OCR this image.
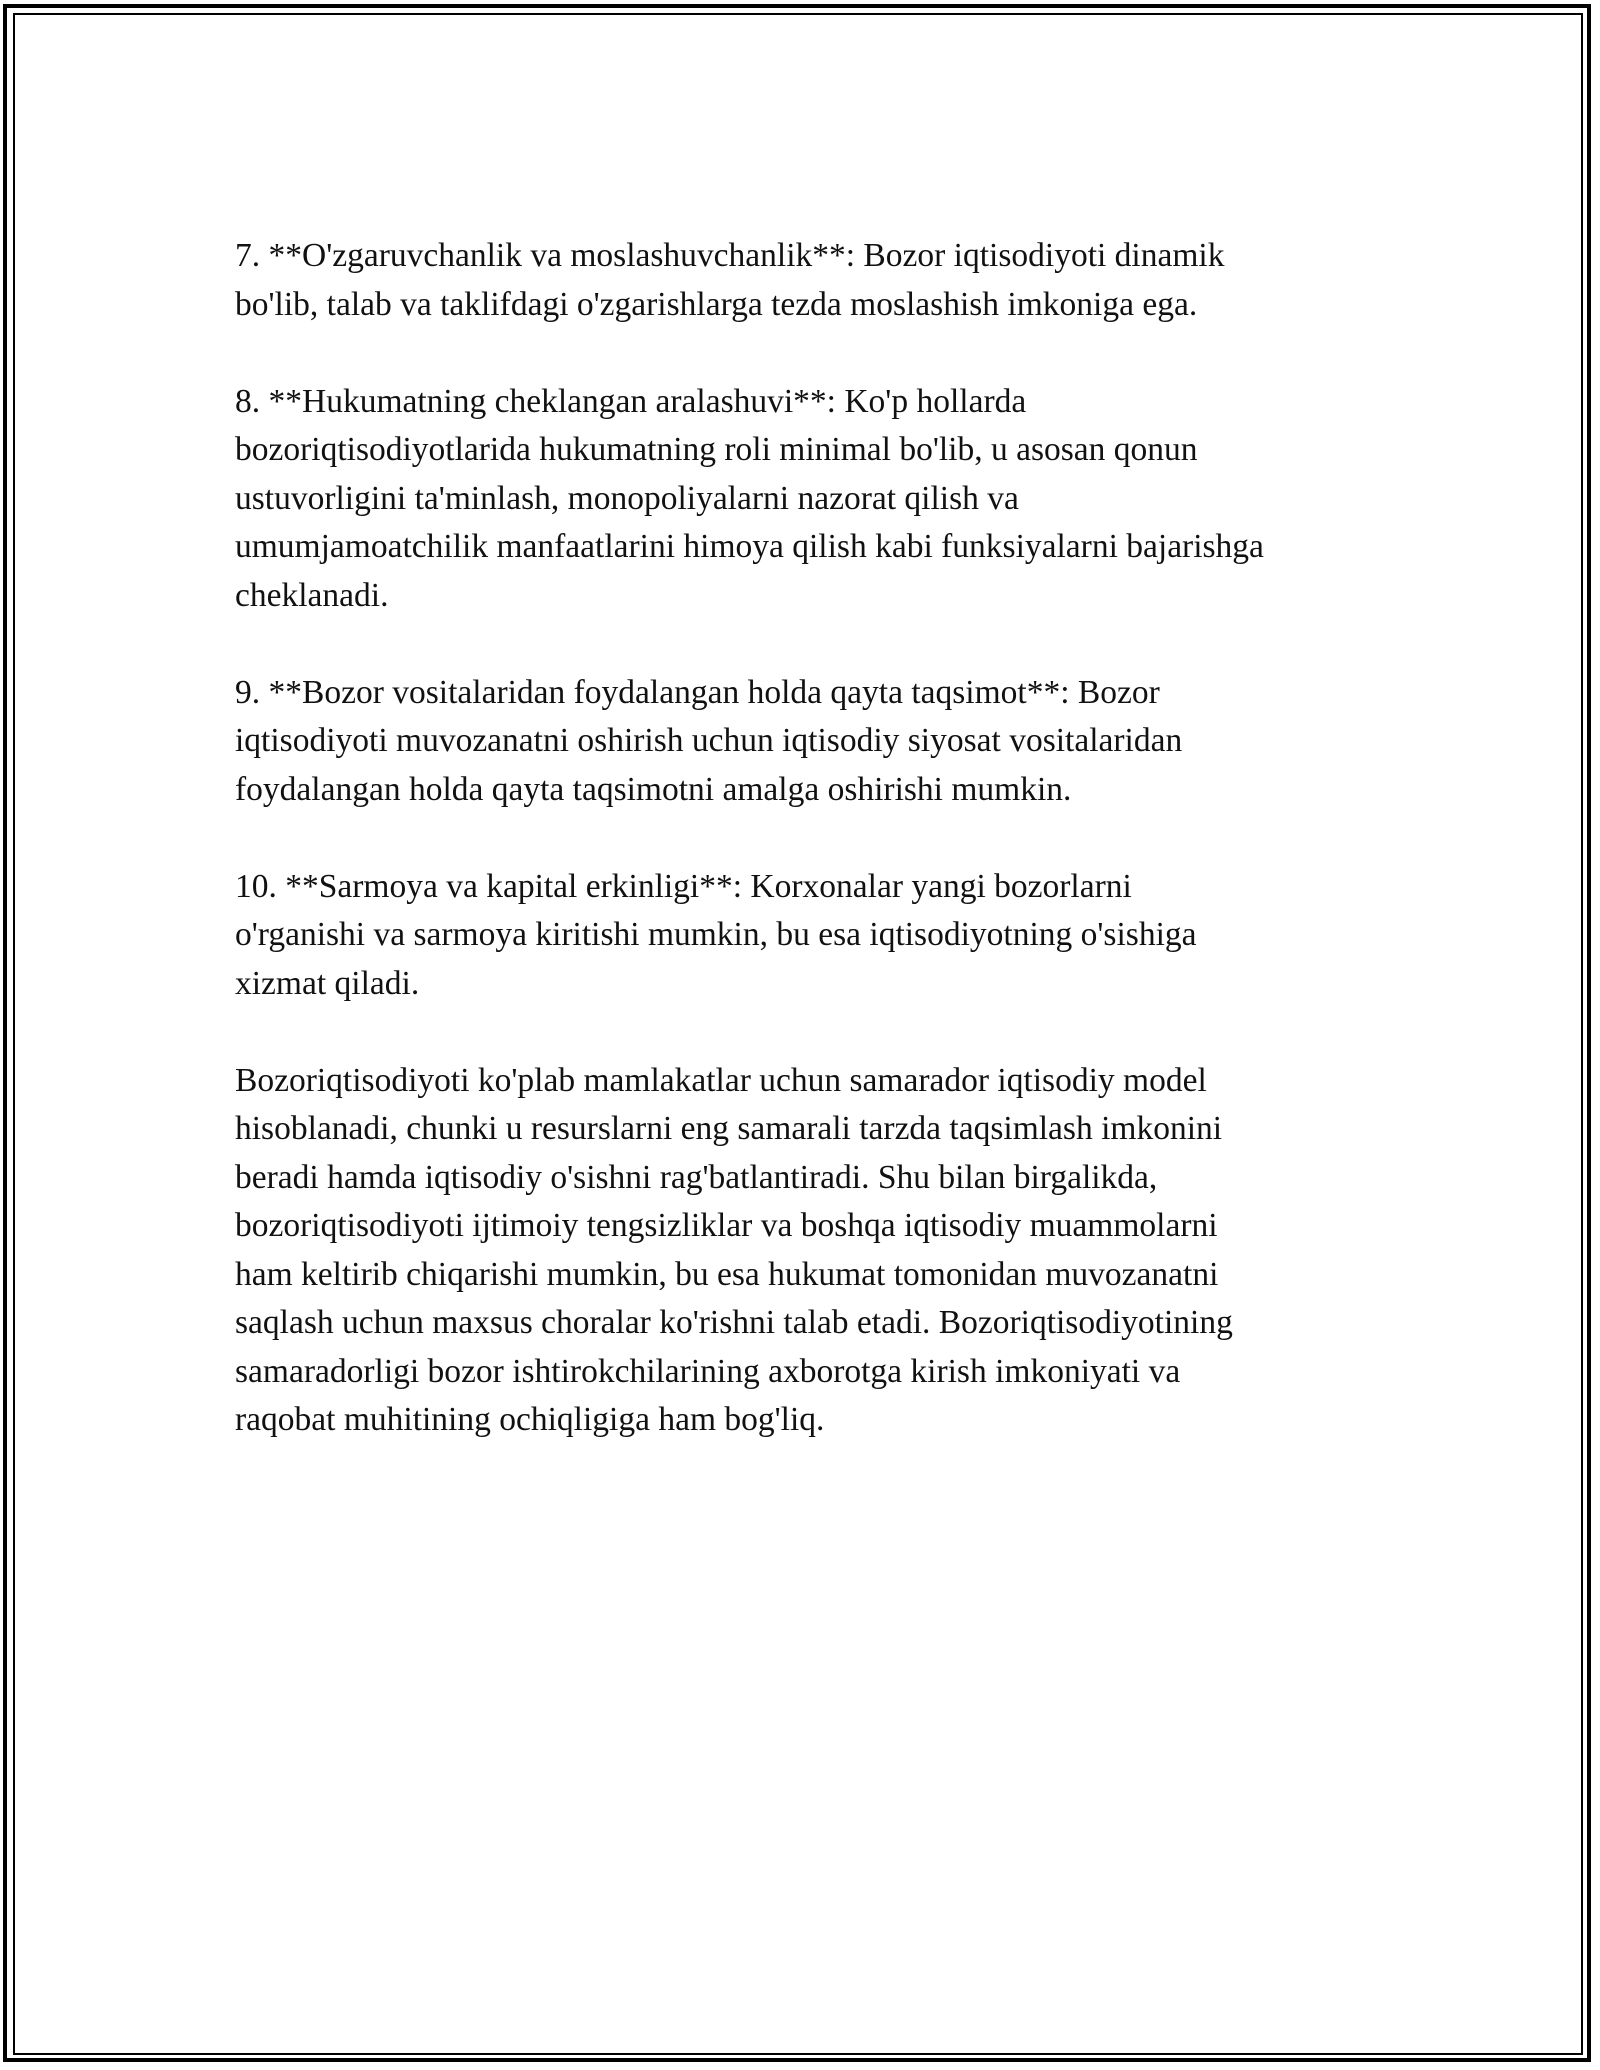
7. **O'zgaruvchanlik va moslashuvchanlik**: Bozor iqtisodiyoti dinamik
bo'lib, talab va taklifdagi o'zgarishlarga tezda moslashish imkoniga ega.

8. **Hukumatning cheklangan aralashuvi**: Ko'p hollarda
bozoriqtisodiyotlarida hukumatning roli minimal bo'lib, u asosan qonun
ustuvorligini ta'minlash, monopoliyalarni nazorat qilish va
umumjamoatchilik manfaatlarini himoya qilish kabi funksiyalarni bajarishga
cheklanadi.

9. **Bozor vositalaridan foydalangan holda qayta taqsimot**: Bozor
iqtisodiyoti muvozanatni oshirish uchun iqtisodiy siyosat vositalaridan
foydalangan holda qayta taqsimotni amalga oshirishi mumkin.

10. **Sarmoya va kapital erkinligi**: Korxonalar yangi bozorlarni
o'rganishi va sarmoya kiritishi mumkin, bu esa iqtisodiyotning o'sishiga
xizmat qiladi.

Bozoriqtisodiyoti ko'plab mamlakatlar uchun samarador iqtisodiy model
hisoblanadi, chunki u resurslarni eng samarali tarzda taqsimlash imkonini
beradi hamda iqtisodiy o'sishni rag'batlantiradi. Shu bilan birgalikda,
bozoriqtisodiyoti ijtimoiy tengsizliklar va boshqa iqtisodiy muammolarni
ham keltirib chiqarishi mumkin, bu esa hukumat tomonidan muvozanatni
saqlash uchun maxsus choralar ko'rishni talab etadi. Bozoriqtisodiyotining
samaradorligi bozor ishtirokchilarining axborotga kirish imkoniyati va
raqobat muhitining ochiqligiga ham bog'liq.
